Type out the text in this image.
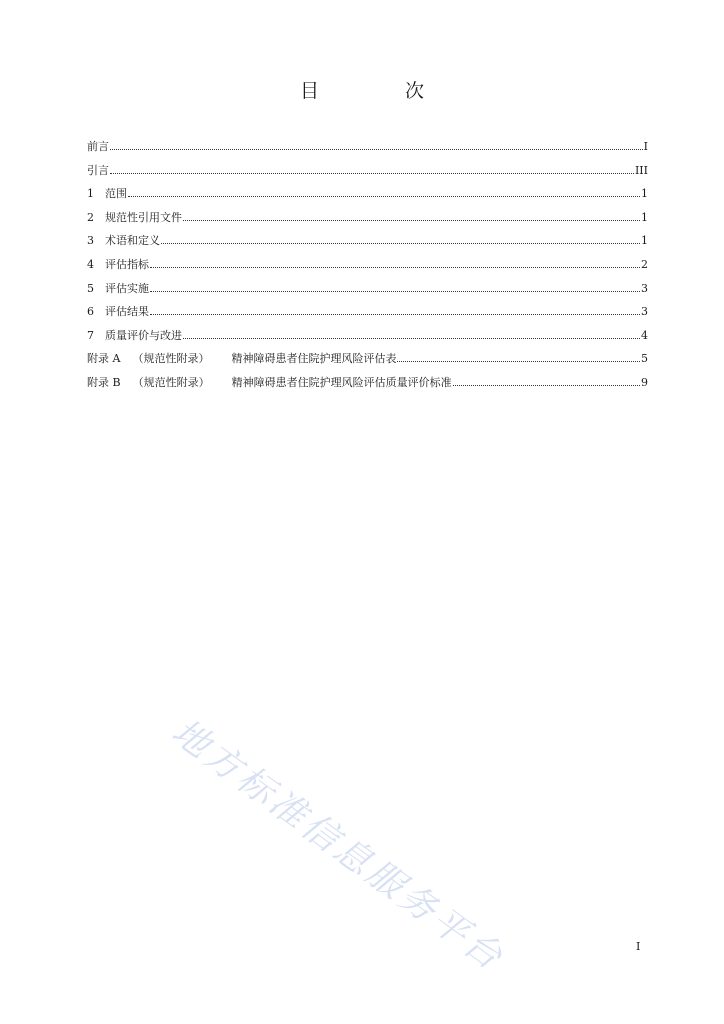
目 次
前言	I
引言	III
1	范围	1
2	规范性引用文件	1
3	术语和定义	1
4	评估指标	2
5	评估实施	3
6	评估结果	3
7	质量评价与改进	4
附录 A （规范性附录） 精神障碍患者住院护理风险评估表	5
附录 B （规范性附录） 精神障碍患者住院护理风险评估质量评价标准	9
地方标准信息服务平台	I
